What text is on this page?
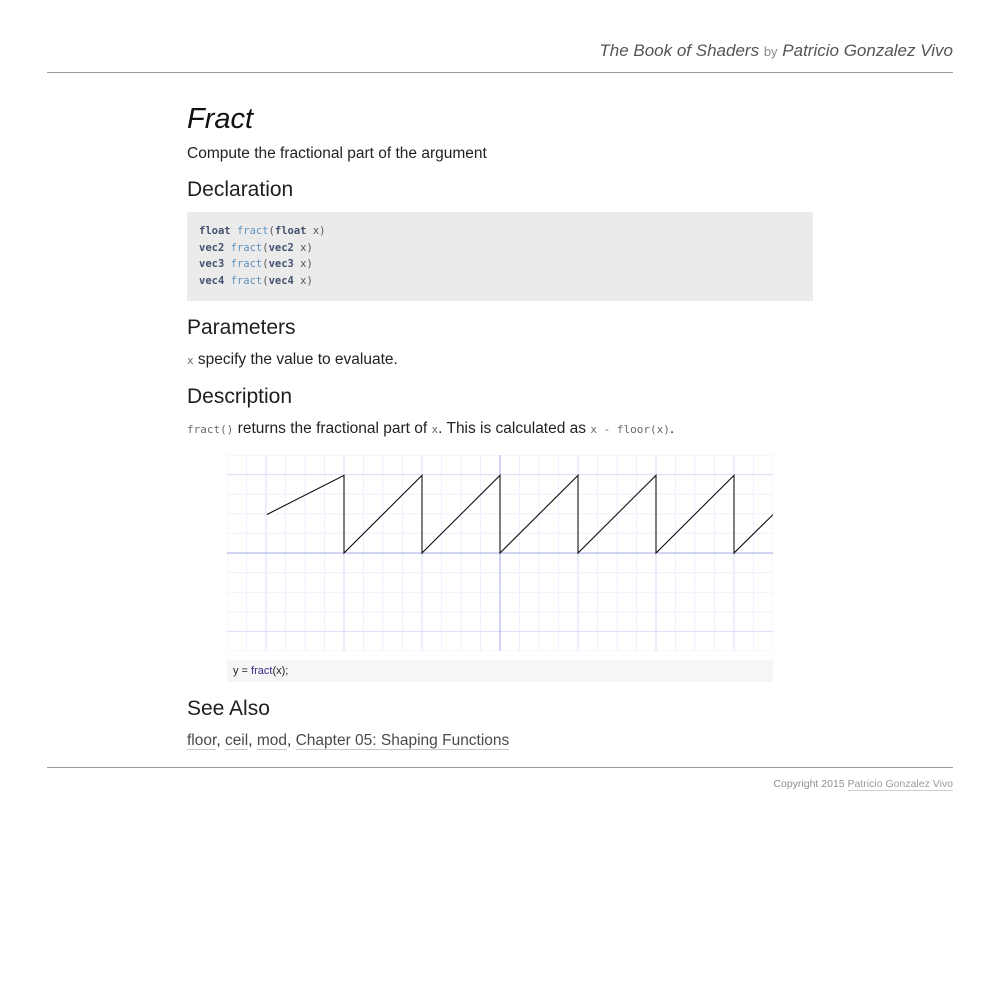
The Book of Shaders by Patricio Gonzalez Vivo
Fract

Compute the fractional part of the argument

Declaration
float fract(float x)
vec2 fract(vec2 x)
vec3 fract(vec3 x)
vec4 fract(vec4 x)
Parameters
x specify the value to evaluate.
Description
fract() returns the fractional part of x. This is calculated as x - floor(x).
y = fract(x);
See Also
floor, ceil, mod, Chapter 05: Shaping Functions
Copyright 2015 Patricio Gonzalez Vivo
